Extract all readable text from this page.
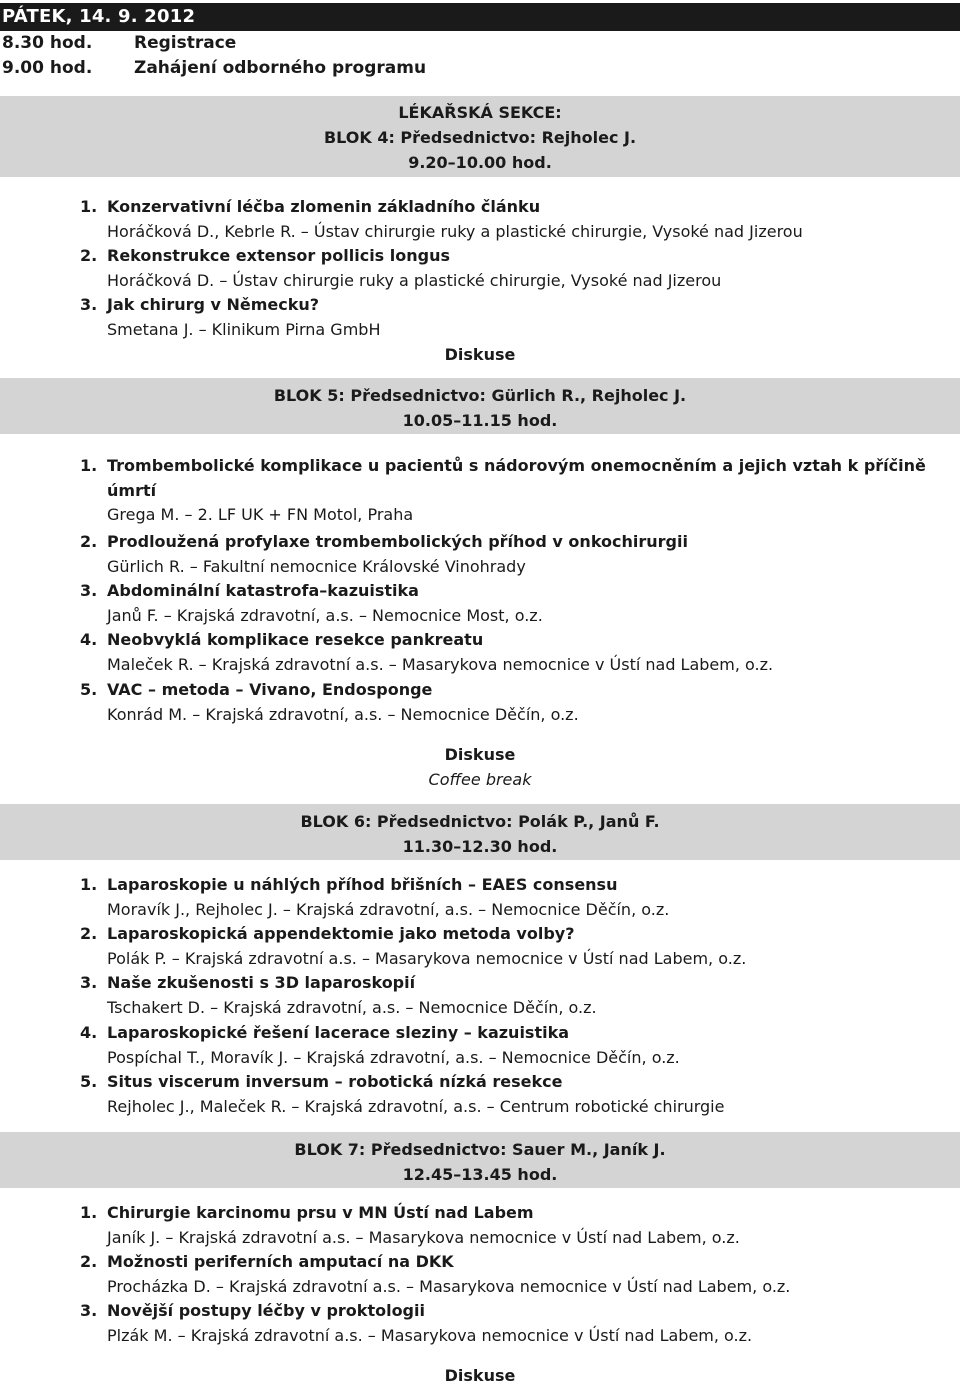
PÁTEK, 14. 9. 2012
8.30 hod. Registrace
9.00 hod. Zahájení odborného programu
LÉKAŘSKÁ SEKCE:
BLOK 4: Předsednictvo: Rejholec J.
9.20–10.00 hod.
1. Konzervativní léčba zlomenin základního článku
Horáčková D., Kebrle R. – Ústav chirurgie ruky a plastické chirurgie, Vysoké nad Jizerou
2. Rekonstrukce extensor pollicis longus
Horáčková D. – Ústav chirurgie ruky a plastické chirurgie, Vysoké nad Jizerou
3. Jak chirurg v Německu?
Smetana J. – Klinikum Pirna GmbH
Diskuse
BLOK 5: Předsednictvo: Gürlich R., Rejholec J.
10.05–11.15 hod.
1. Trombembolické komplikace u pacientů s nádorovým onemocněním a jejich vztah k příčině úmrtí
Grega M. – 2. LF UK + FN Motol, Praha
2. Prodloužená profylaxe trombembolických příhod v onkochirurgii
Gürlich R. – Fakultní nemocnice Královské Vinohrady
3. Abdominální katastrofa–kazuistika
Janů F. – Krajská zdravotní, a.s. – Nemocnice Most, o.z.
4. Neobvyklá komplikace resekce pankreatu
Maleček R. – Krajská zdravotní a.s. – Masarykova nemocnice v Ústí nad Labem, o.z.
5. VAC – metoda – Vivano, Endosponge
Konrád M. – Krajská zdravotní, a.s. – Nemocnice Děčín, o.z.
Diskuse
Coffee break
BLOK 6: Předsednictvo: Polák P., Janů F.
11.30–12.30 hod.
1. Laparoskopie u náhlých příhod břišních – EAES consensu
Moravík J., Rejholec J. – Krajská zdravotní, a.s. – Nemocnice Děčín, o.z.
2. Laparoskopická appendektomie jako metoda volby?
Polák P. – Krajská zdravotní a.s. – Masarykova nemocnice v Ústí nad Labem, o.z.
3. Naše zkušenosti s 3D laparoskopií
Tschakert D. – Krajská zdravotní, a.s. – Nemocnice Děčín, o.z.
4. Laparoskopické řešení lacerace sleziny – kazuistika
Pospíchal T., Moravík J. – Krajská zdravotní, a.s. – Nemocnice Děčín, o.z.
5. Situs viscerum inversum – robotická nízká resekce
Rejholec J., Maleček R. – Krajská zdravotní, a.s. – Centrum robotické chirurgie
BLOK 7: Předsednictvo: Sauer M., Janík J.
12.45–13.45 hod.
1. Chirurgie karcinomu prsu v MN Ústí nad Labem
Janík J. – Krajská zdravotní a.s. – Masarykova nemocnice v Ústí nad Labem, o.z.
2. Možnosti periferních amputací na DKK
Procházka D. – Krajská zdravotní a.s. – Masarykova nemocnice v Ústí nad Labem, o.z.
3. Novější postupy léčby v proktologii
Plzák M. – Krajská zdravotní a.s. – Masarykova nemocnice v Ústí nad Labem, o.z.
Diskuse
